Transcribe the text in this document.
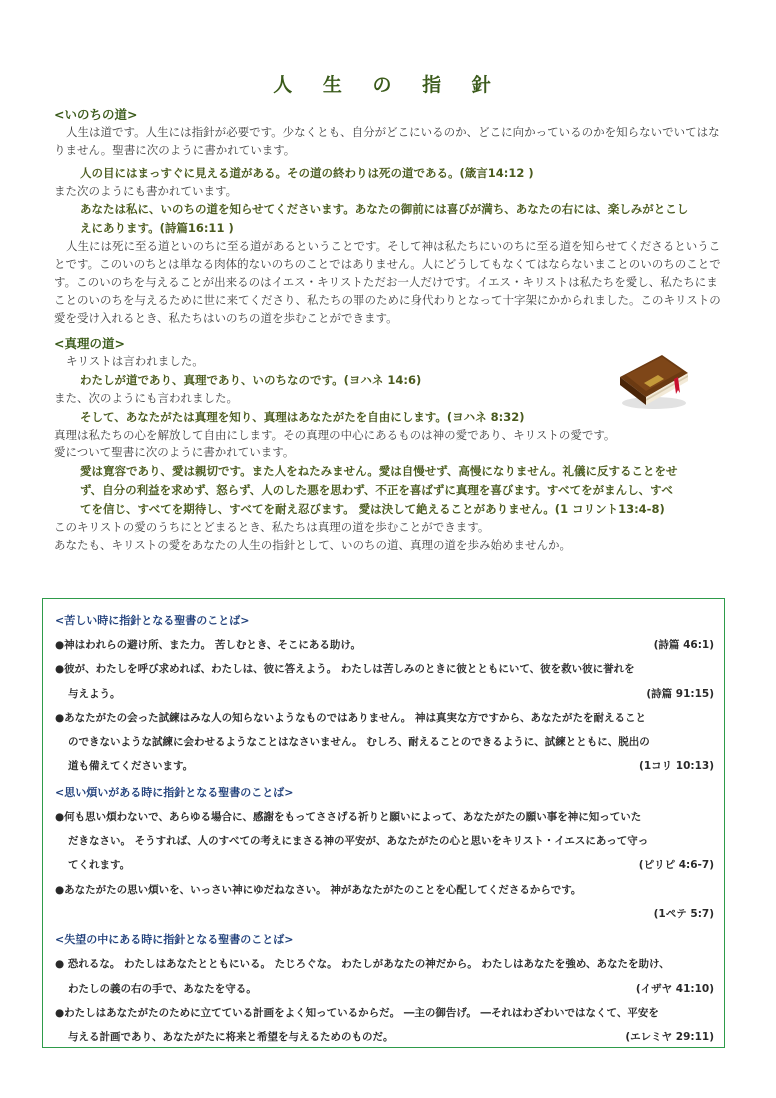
人 生 の 指 針
<いのちの道>
人生は道です。人生には指針が必要です。少なくとも、自分がどこにいるのか、どこに向かっているのかを知らないでいてはなりません。聖書に次のように書かれています。
人の目にはまっすぐに見える道がある。その道の終わりは死の道である。(箴言14:12 )
また次のようにも書かれています。
あなたは私に、いのちの道を知らせてくださいます。あなたの御前には喜びが満ち、あなたの右には、楽しみがとこし
えにあります。(詩篇16:11 )
人生には死に至る道といのちに至る道があるということです。そして神は私たちにいのちに至る道を知らせてくださるということです。このいのちとは単なる肉体的ないのちのことではありません。人にどうしてもなくてはならないまことのいのちのことです。このいのちを与えることが出来るのはイエス・キリストただお一人だけです。イエス・キリストは私たちを愛し、私たちにまことのいのちを与えるために世に来てくださり、私たちの罪のために身代わりとなって十字架にかかられました。このキリストの愛を受け入れるとき、私たちはいのちの道を歩むことができます。
<真理の道>
キリストは言われました。
わたしが道であり、真理であり、いのちなのです。(ヨハネ 14:6)
また、次のようにも言われました。
そして、あなたがたは真理を知り、真理はあなたがたを自由にします。(ヨハネ 8:32)
真理は私たちの心を解放して自由にします。その真理の中心にあるものは神の愛であり、キリストの愛です。
愛について聖書に次のように書かれています。
愛は寛容であり、愛は親切です。また人をねたみません。愛は自慢せず、高慢になりません。礼儀に反することをせ
ず、自分の利益を求めず、怒らず、人のした悪を思わず、不正を喜ばずに真理を喜びます。すべてをがまんし、すべ
てを信じ、すべてを期待し、すべてを耐え忍びます。 愛は決して絶えることがありません。(1 コリント13:4-8)
このキリストの愛のうちにとどまるとき、私たちは真理の道を歩むことができます。
あなたも、キリストの愛をあなたの人生の指針として、いのちの道、真理の道を歩み始めませんか。
<苦しい時に指針となる聖書のことば>
●神はわれらの避け所、また力。 苦しむとき、そこにある助け。	(詩篇 46:1)
●彼が、わたしを呼び求めれば、わたしは、彼に答えよう。 わたしは苦しみのときに彼とともにいて、彼を救い彼に誉れを
与えよう。	(詩篇 91:15)
●あなたがたの会った試練はみな人の知らないようなものではありません。 神は真実な方ですから、あなたがたを耐えること
のできないような試練に会わせるようなことはなさいません。 むしろ、耐えることのできるように、試練とともに、脱出の
道も備えてくださいます。	(1コリ 10:13)
<思い煩いがある時に指針となる聖書のことば>
●何も思い煩わないで、あらゆる場合に、感謝をもってささげる祈りと願いによって、あなたがたの願い事を神に知っていた
だきなさい。 そうすれば、人のすべての考えにまさる神の平安が、あなたがたの心と思いをキリスト・イエスにあって守っ
てくれます。	(ピリピ 4:6-7)
●あなたがたの思い煩いを、いっさい神にゆだねなさい。 神があなたがたのことを心配してくださるからです。
(1ペテ 5:7)
<失望の中にある時に指針となる聖書のことば>
● 恐れるな。 わたしはあなたとともにいる。 たじろぐな。 わたしがあなたの神だから。 わたしはあなたを強め、あなたを助け、
わたしの義の右の手で、あなたを守る。	(イザヤ 41:10)
●わたしはあなたがたのために立てている計画をよく知っているからだ。 ―主の御告げ。 ―それはわざわいではなくて、平安を
与える計画であり、あなたがたに将来と希望を与えるためのものだ。	(エレミヤ 29:11)
